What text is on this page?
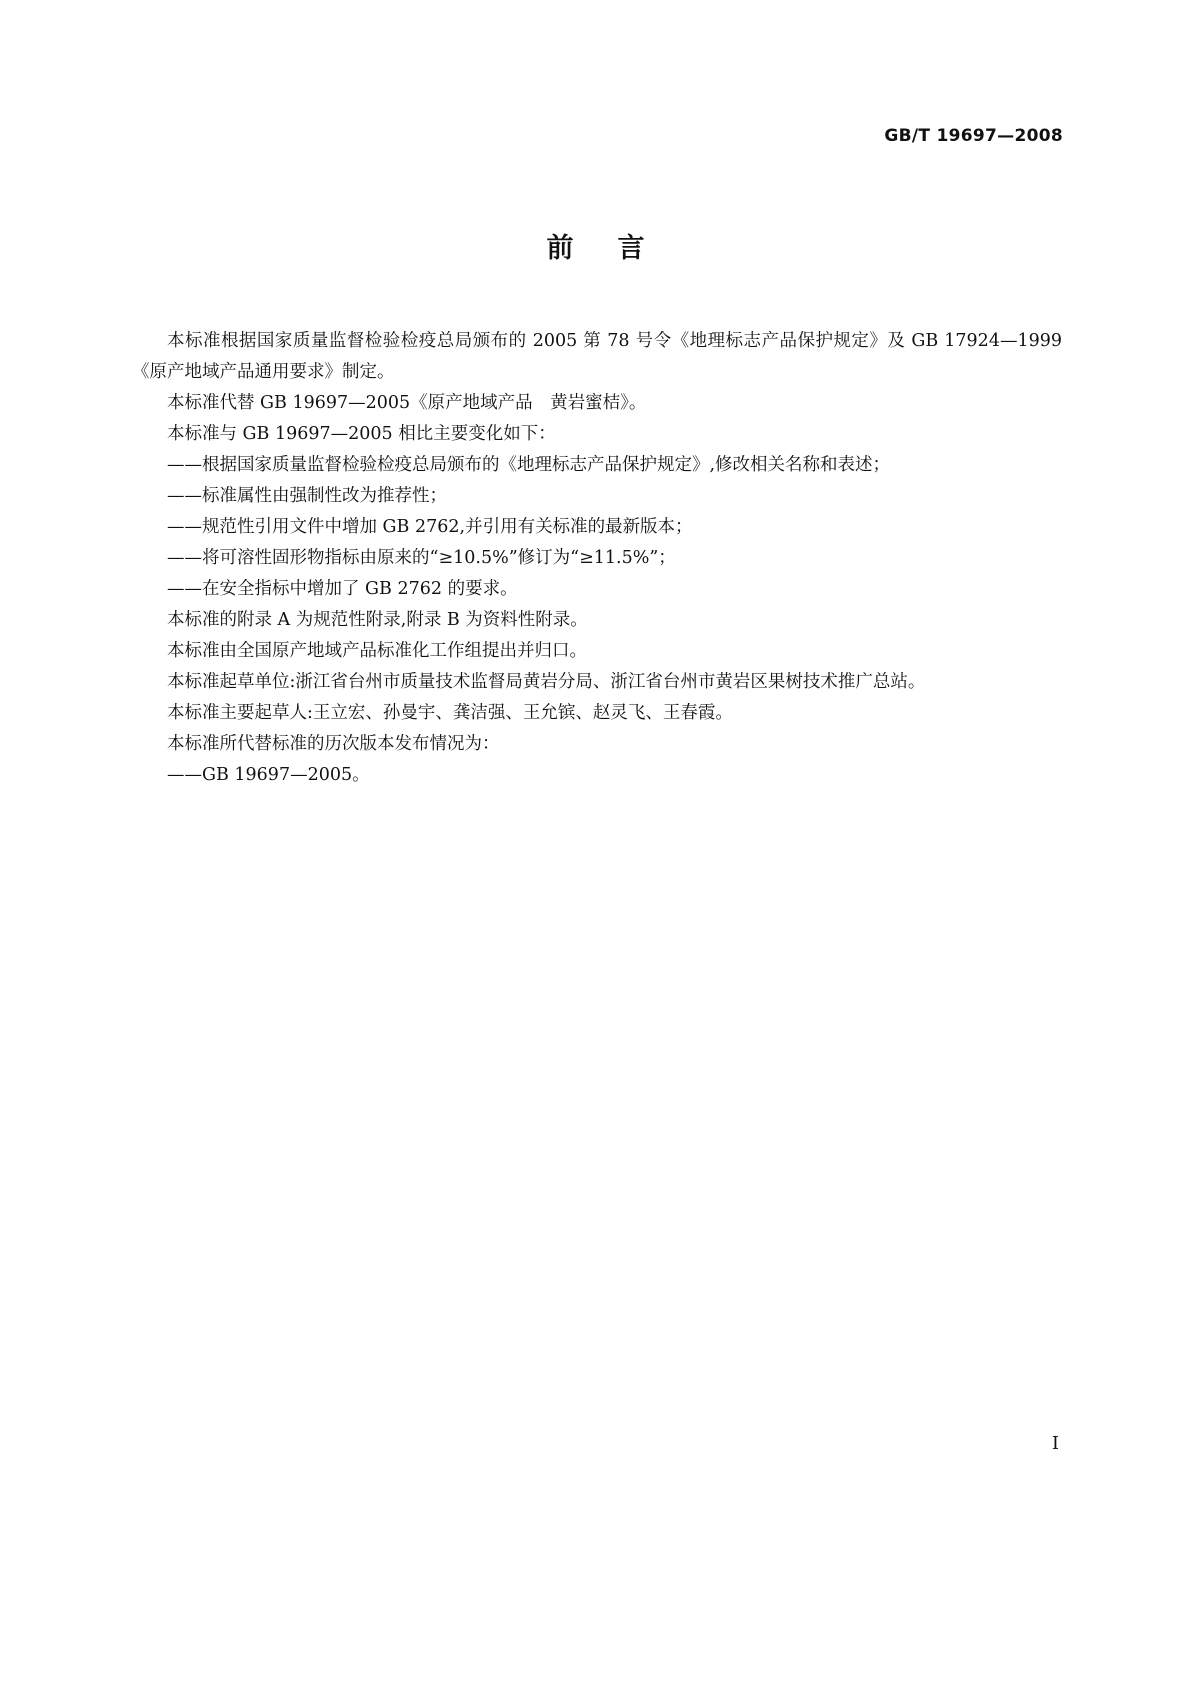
GB/T 19697—2008
前言

本标准根据国家质量监督检验检疫总局颁布的 2005 第 78 号令《地理标志产品保护规定》及 GB 17924—1999《原产地域产品通用要求》制定。

本标准代替 GB 19697—2005《原产地域产品　黄岩蜜桔》。

本标准与 GB 19697—2005 相比主要变化如下：

——根据国家质量监督检验检疫总局颁布的《地理标志产品保护规定》,修改相关名称和表述；

——标准属性由强制性改为推荐性；

——规范性引用文件中增加 GB 2762,并引用有关标准的最新版本；

——将可溶性固形物指标由原来的“≥10.5%”修订为“≥11.5%”；

——在安全指标中增加了 GB 2762 的要求。

本标准的附录 A 为规范性附录,附录 B 为资料性附录。

本标准由全国原产地域产品标准化工作组提出并归口。

本标准起草单位:浙江省台州市质量技术监督局黄岩分局、浙江省台州市黄岩区果树技术推广总站。

本标准主要起草人:王立宏、孙曼宇、龚洁强、王允镔、赵灵飞、王春霞。

本标准所代替标准的历次版本发布情况为：

——GB 19697—2005。

I
